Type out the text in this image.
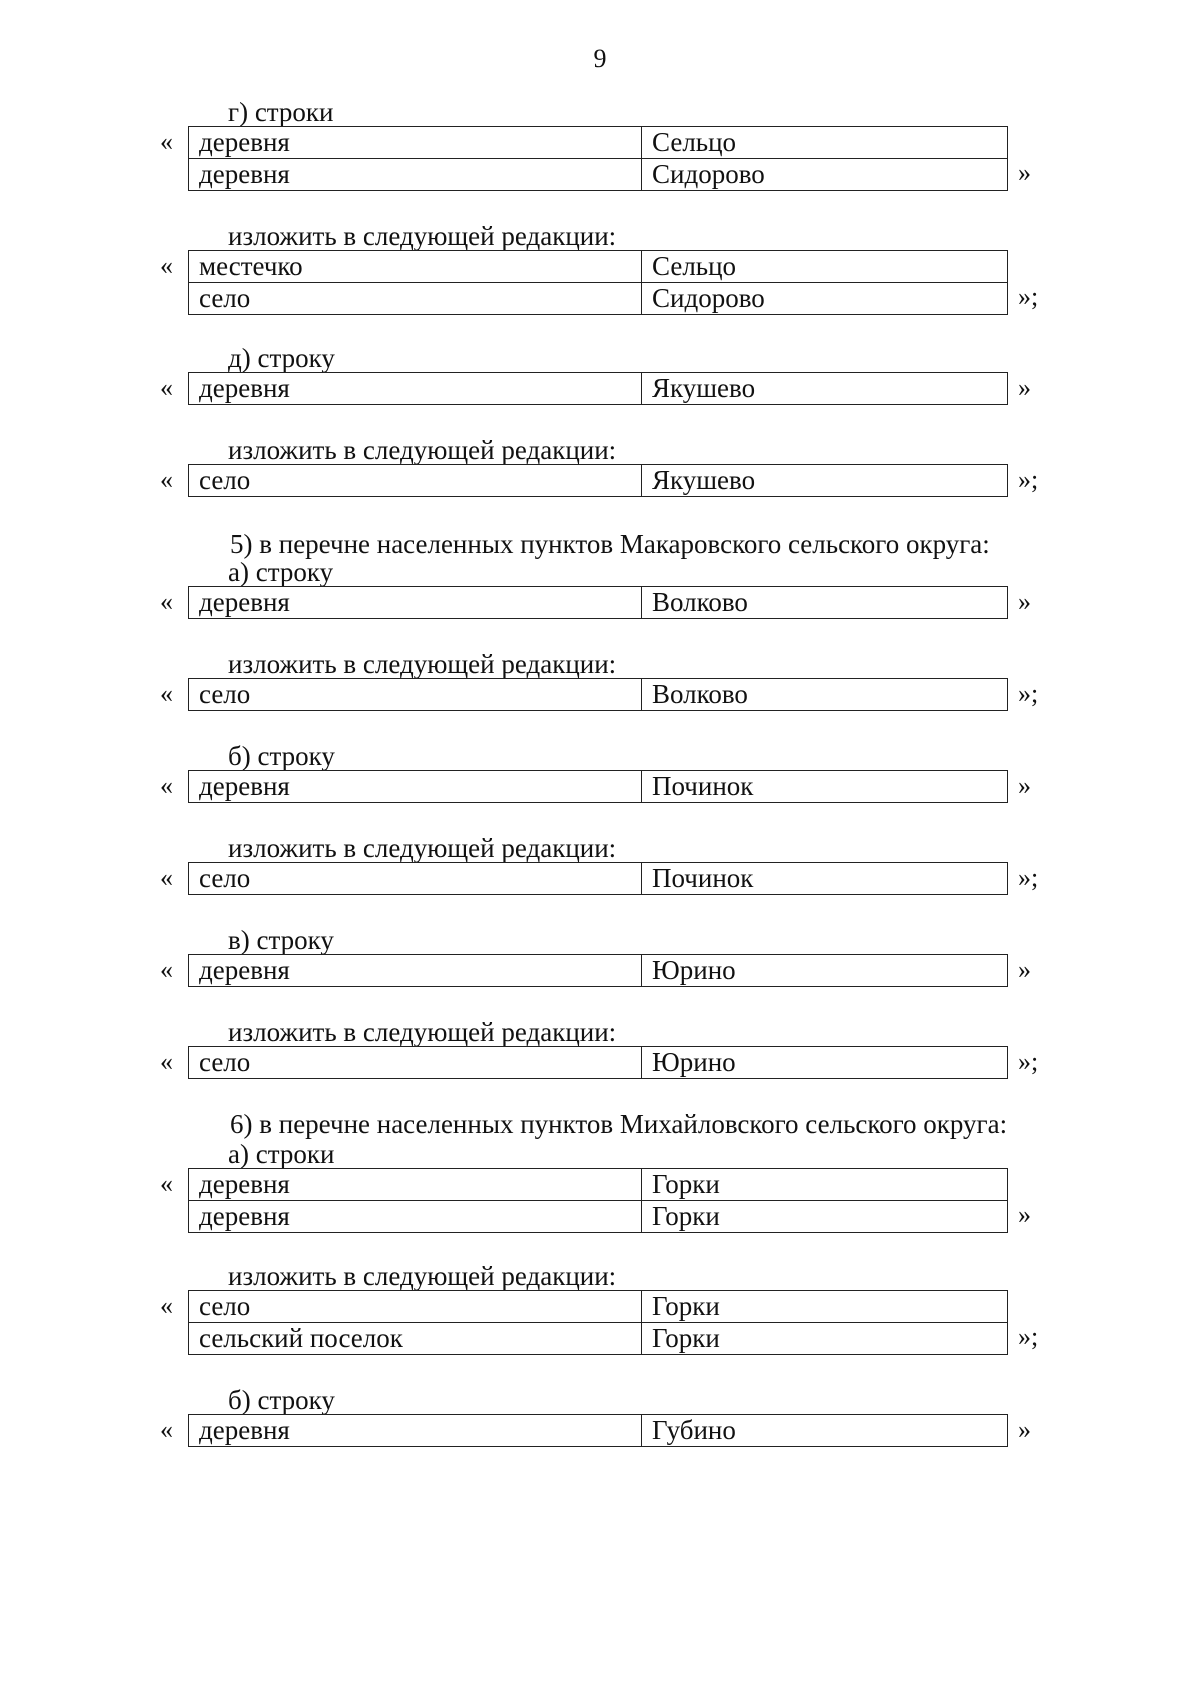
9
г) строки
« деревня	Сельцо
деревня	Сидорово	»
изложить в следующей редакции:
« местечко	Сельцо
село	Сидорово	»;
д) строку
« деревня	Якушево	»
изложить в следующей редакции:
« село	Якушево	»;
5) в перечне населенных пунктов Макаровского сельского округа:
а) строку
« деревня	Волково	»
изложить в следующей редакции:
« село	Волково	»;
б) строку
« деревня	Починок	»
изложить в следующей редакции:
« село	Починок	»;
в) строку
« деревня	Юрино	»
изложить в следующей редакции:
« село	Юрино	»;
6) в перечне населенных пунктов Михайловского сельского округа:
а) строки
« деревня	Горки
деревня	Горки	»
изложить в следующей редакции:
« село	Горки
сельский поселок	Горки	»;
б) строку
« деревня	Губино	»
